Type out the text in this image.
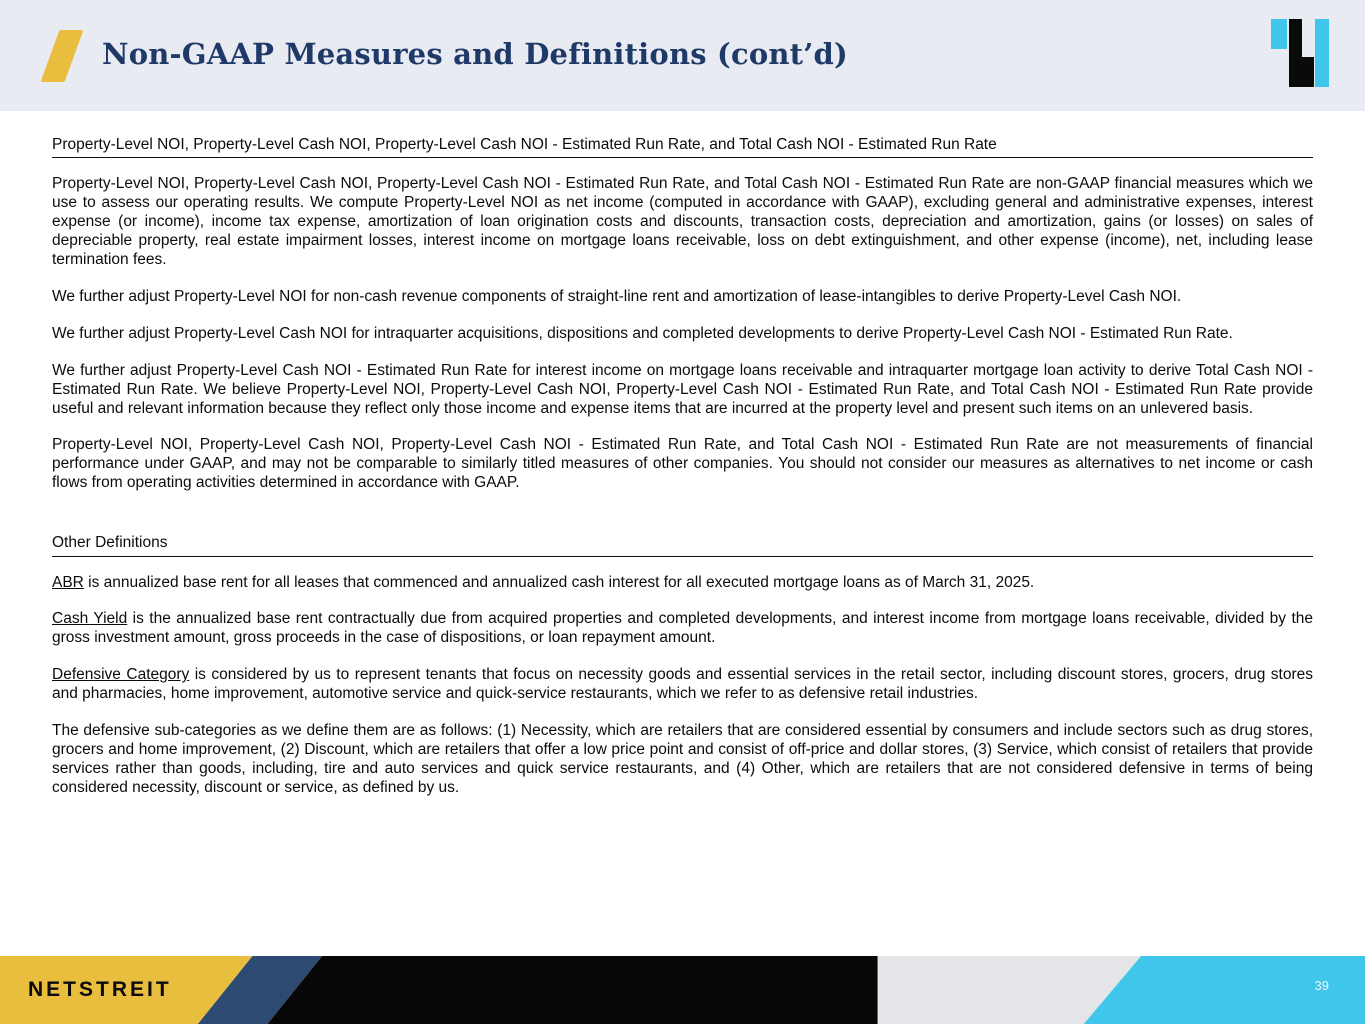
Non-GAAP Measures and Definitions (cont’d)
Property-Level NOI, Property-Level Cash NOI, Property-Level Cash NOI - Estimated Run Rate, and Total Cash NOI - Estimated Run Rate

Property-Level NOI, Property-Level Cash NOI, Property-Level Cash NOI - Estimated Run Rate, and Total Cash NOI - Estimated Run Rate are non-GAAP financial measures which we use to assess our operating results. We compute Property-Level NOI as net income (computed in accordance with GAAP), excluding general and administrative expenses, interest expense (or income), income tax expense, amortization of loan origination costs and discounts, transaction costs, depreciation and amortization, gains (or losses) on sales of depreciable property, real estate impairment losses, interest income on mortgage loans receivable, loss on debt extinguishment, and other expense (income), net, including lease termination fees.

We further adjust Property-Level NOI for non-cash revenue components of straight-line rent and amortization of lease-intangibles to derive Property-Level Cash NOI.

We further adjust Property-Level Cash NOI for intraquarter acquisitions, dispositions and completed developments to derive Property-Level Cash NOI - Estimated Run Rate.

We further adjust Property-Level Cash NOI - Estimated Run Rate for interest income on mortgage loans receivable and intraquarter mortgage loan activity to derive Total Cash NOI - Estimated Run Rate. We believe Property-Level NOI, Property-Level Cash NOI, Property-Level Cash NOI - Estimated Run Rate, and Total Cash NOI - Estimated Run Rate provide useful and relevant information because they reflect only those income and expense items that are incurred at the property level and present such items on an unlevered basis.

Property-Level NOI, Property-Level Cash NOI, Property-Level Cash NOI - Estimated Run Rate, and Total Cash NOI - Estimated Run Rate are not measurements of financial performance under GAAP, and may not be comparable to similarly titled measures of other companies. You should not consider our measures as alternatives to net income or cash flows from operating activities determined in accordance with GAAP.

Other Definitions

ABR is annualized base rent for all leases that commenced and annualized cash interest for all executed mortgage loans as of March 31, 2025.

Cash Yield is the annualized base rent contractually due from acquired properties and completed developments, and interest income from mortgage loans receivable, divided by the gross investment amount, gross proceeds in the case of dispositions, or loan repayment amount.

Defensive Category is considered by us to represent tenants that focus on necessity goods and essential services in the retail sector, including discount stores, grocers, drug stores and pharmacies, home improvement, automotive service and quick-service restaurants, which we refer to as defensive retail industries.

The defensive sub-categories as we define them are as follows: (1) Necessity, which are retailers that are considered essential by consumers and include sectors such as drug stores, grocers and home improvement, (2) Discount, which are retailers that offer a low price point and consist of off-price and dollar stores, (3) Service, which consist of retailers that provide services rather than goods, including, tire and auto services and quick service restaurants, and (4) Other, which are retailers that are not considered defensive in terms of being considered necessity, discount or service, as defined by us.

NETSTREIT	39
